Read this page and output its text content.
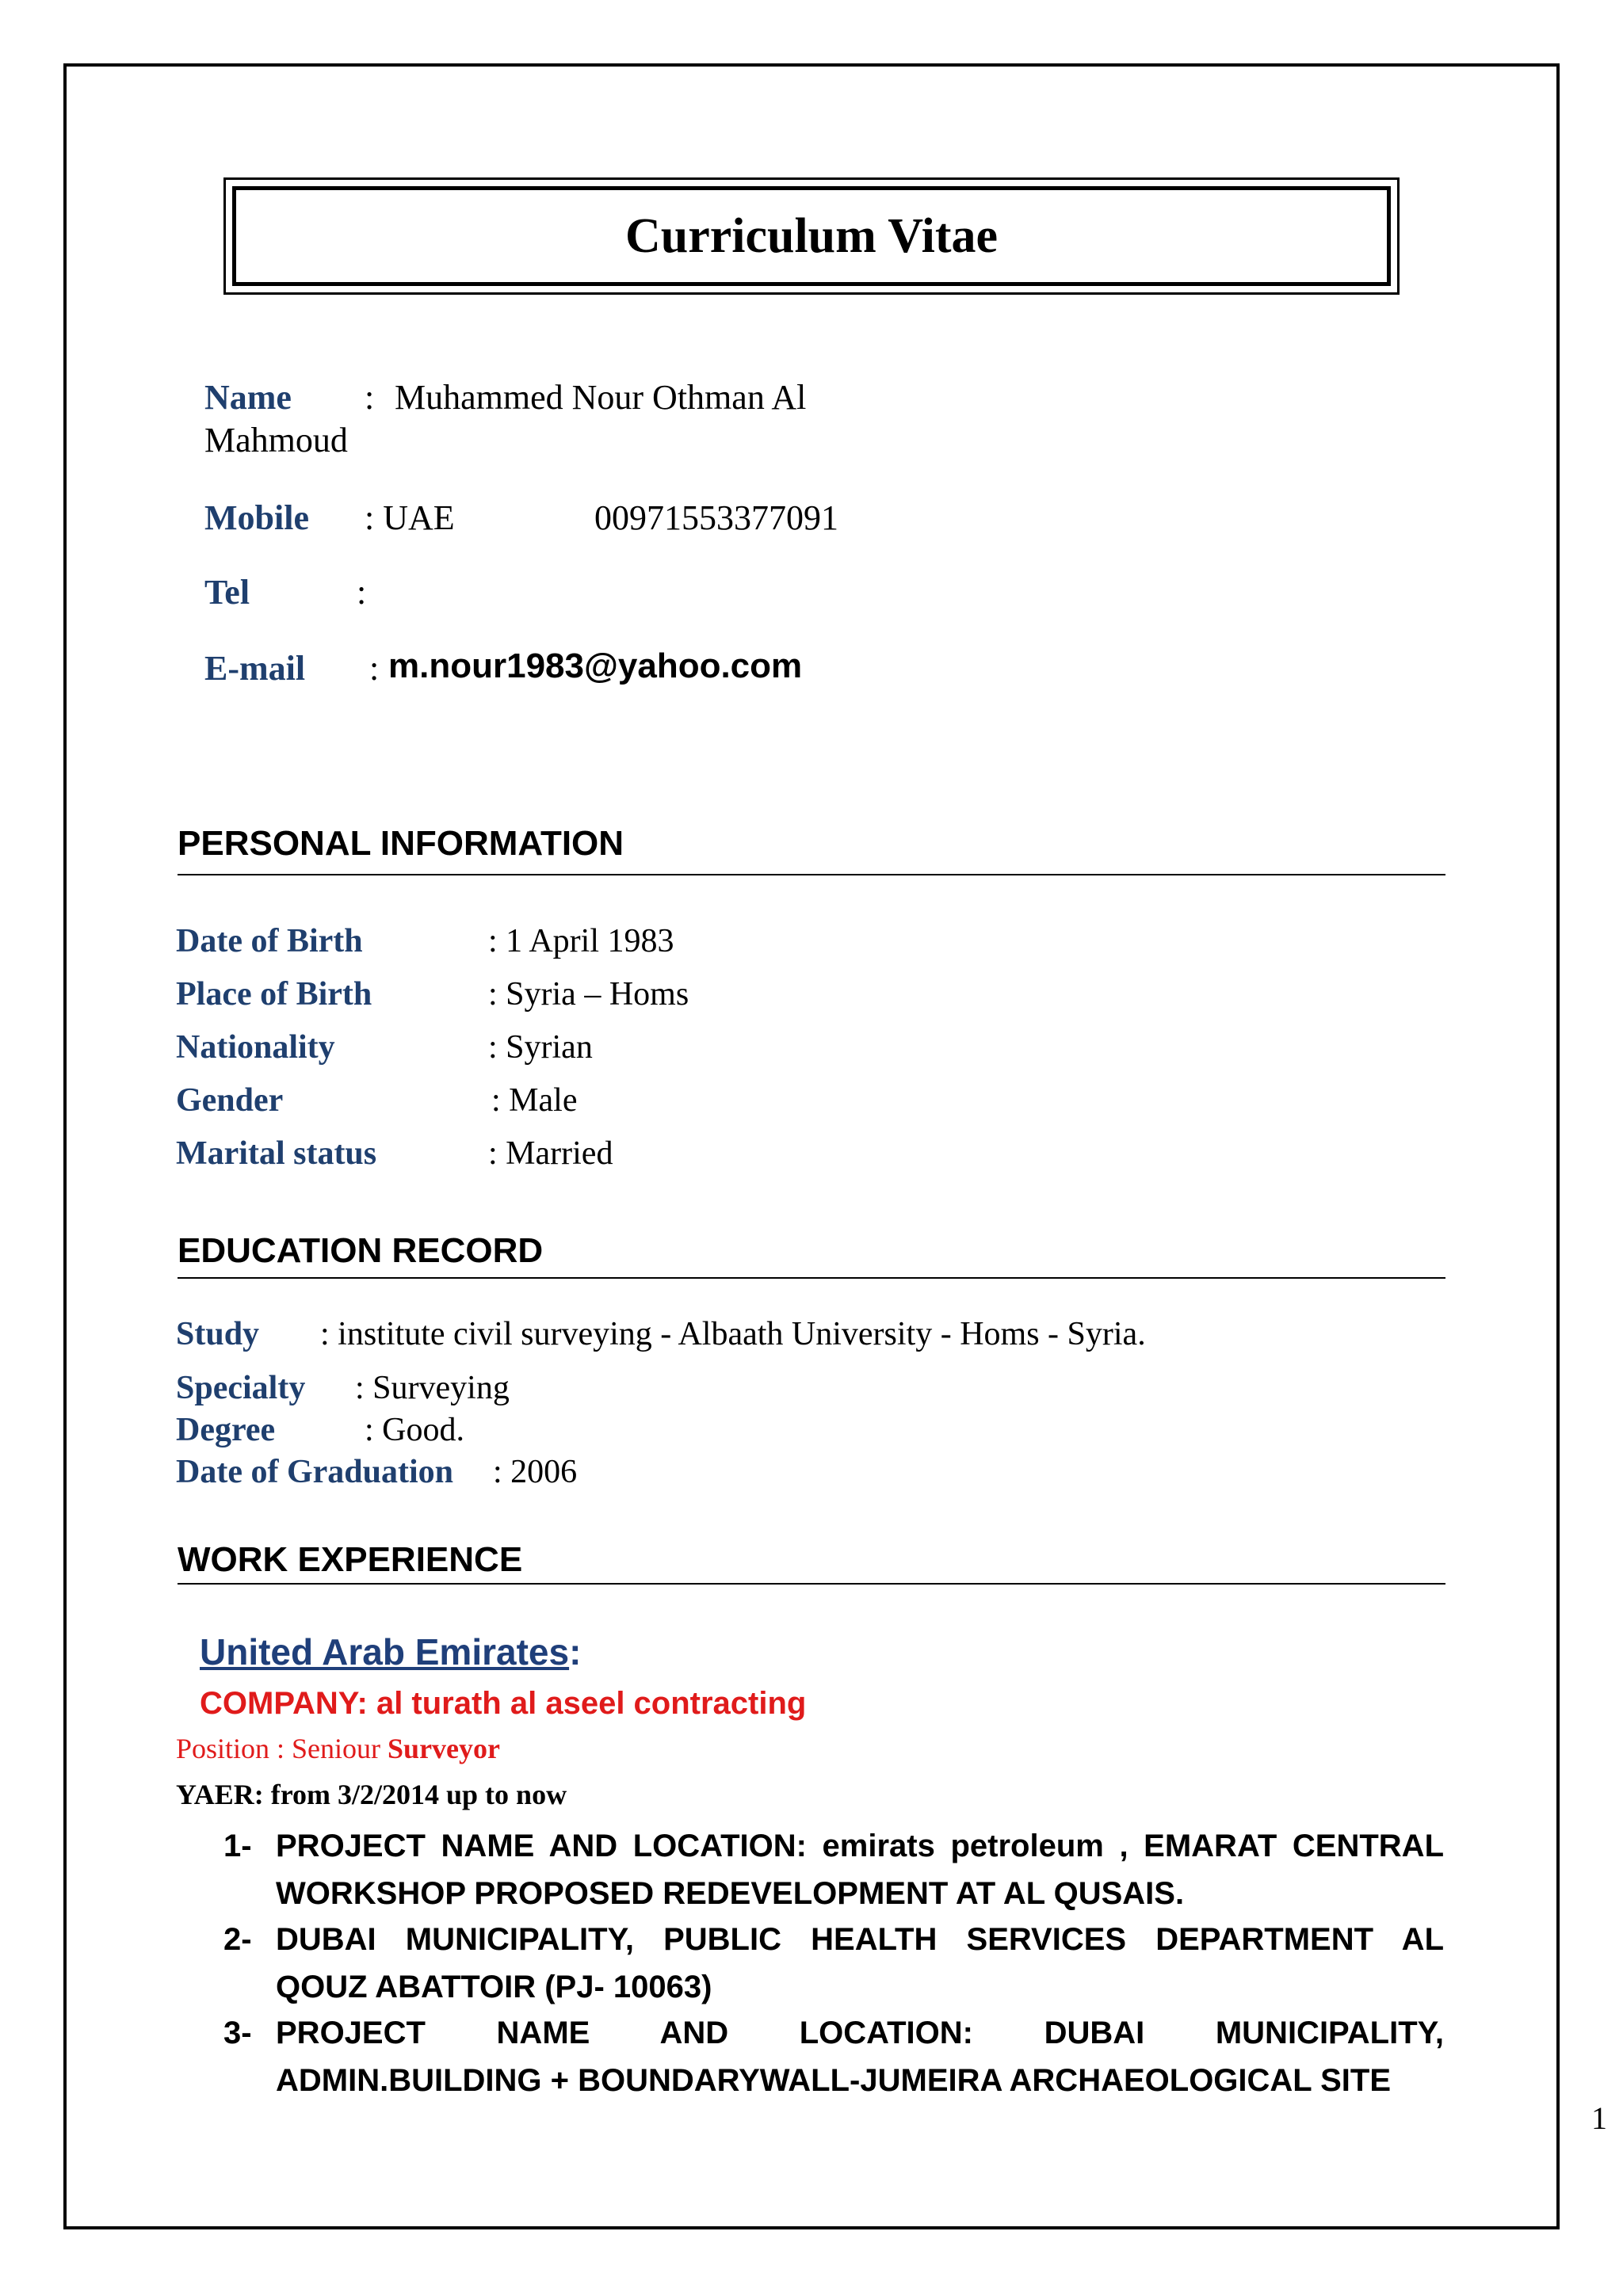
Curriculum Vitae
Name : Muhammed Nour Othman Al
Mahmoud
Mobile : UAE	00971553377091
Tel	:
E-mail : m.nour1983@yahoo.com
PERSONAL INFORMATION
Date of Birth	: 1 April 1983
Place of Birth	: Syria – Homs
Nationality	: Syrian
Gender	: Male
Marital status	: Married
EDUCATION RECORD
Study : institute civil surveying - Albaath University - Homs - Syria.
Specialty : Surveying
Degree	: Good.
Date of Graduation : 2006
WORK EXPERIENCE
United Arab Emirates:
COMPANY: al turath al aseel contracting
Position : Seniour Surveyor
YAER: from 3/2/2014 up to now
1- PROJECT NAME AND LOCATION: emirats petroleum , EMARAT CENTRAL
WORKSHOP PROPOSED REDEVELOPMENT AT AL QUSAIS.
2- DUBAI MUNICIPALITY, PUBLIC HEALTH SERVICES DEPARTMENT AL
QOUZ ABATTOIR (PJ- 10063)
3- PROJECT NAME AND LOCATION: DUBAI MUNICIPALITY,
ADMIN.BUILDING + BOUNDARYWALL-JUMEIRA ARCHAEOLOGICAL SITE
1
